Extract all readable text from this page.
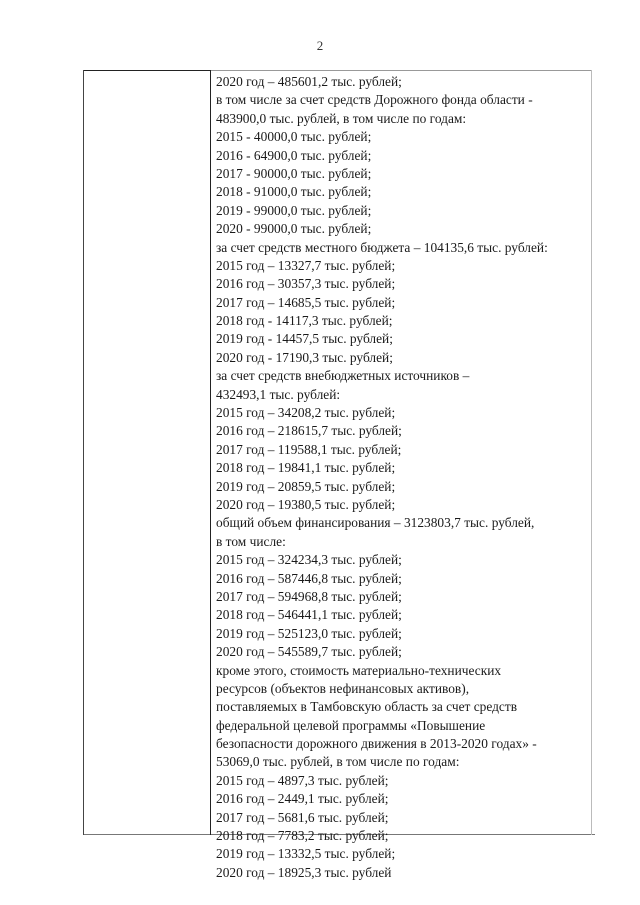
2
2020 год – 485601,2 тыс. рублей;
в том числе за счет средств Дорожного фонда области -
483900,0 тыс. рублей, в том числе по годам:
2015 - 40000,0 тыс. рублей;
2016 - 64900,0 тыс. рублей;
2017 - 90000,0 тыс. рублей;
2018 - 91000,0 тыс. рублей;
2019 - 99000,0 тыс. рублей;
2020 - 99000,0 тыс. рублей;
за счет средств местного бюджета – 104135,6 тыс. рублей:
2015 год – 13327,7 тыс. рублей;
2016 год – 30357,3 тыс. рублей;
2017 год – 14685,5 тыс. рублей;
2018 год - 14117,3 тыс. рублей;
2019 год - 14457,5 тыс. рублей;
2020 год - 17190,3 тыс. рублей;
за счет средств внебюджетных источников –
432493,1 тыс. рублей:
2015 год – 34208,2 тыс. рублей;
2016 год – 218615,7 тыс. рублей;
2017 год – 119588,1 тыс. рублей;
2018 год – 19841,1 тыс. рублей;
2019 год – 20859,5 тыс. рублей;
2020 год – 19380,5 тыс. рублей;
общий объем финансирования – 3123803,7 тыс. рублей,
в том числе:
2015 год – 324234,3 тыс. рублей;
2016 год – 587446,8 тыс. рублей;
2017 год – 594968,8 тыс. рублей;
2018 год – 546441,1 тыс. рублей;
2019 год – 525123,0 тыс. рублей;
2020 год – 545589,7 тыс. рублей;
кроме этого, стоимость материально-технических
ресурсов (объектов нефинансовых активов),
поставляемых в Тамбовскую область за счет средств
федеральной целевой программы «Повышение
безопасности дорожного движения в 2013-2020 годах» -
53069,0 тыс. рублей, в том числе по годам:
2015 год – 4897,3 тыс. рублей;
2016 год – 2449,1 тыс. рублей;
2017 год – 5681,6 тыс. рублей;
2018 год – 7783,2 тыс. рублей;
2019 год – 13332,5 тыс. рублей;
2020 год – 18925,3 тыс. рублей
